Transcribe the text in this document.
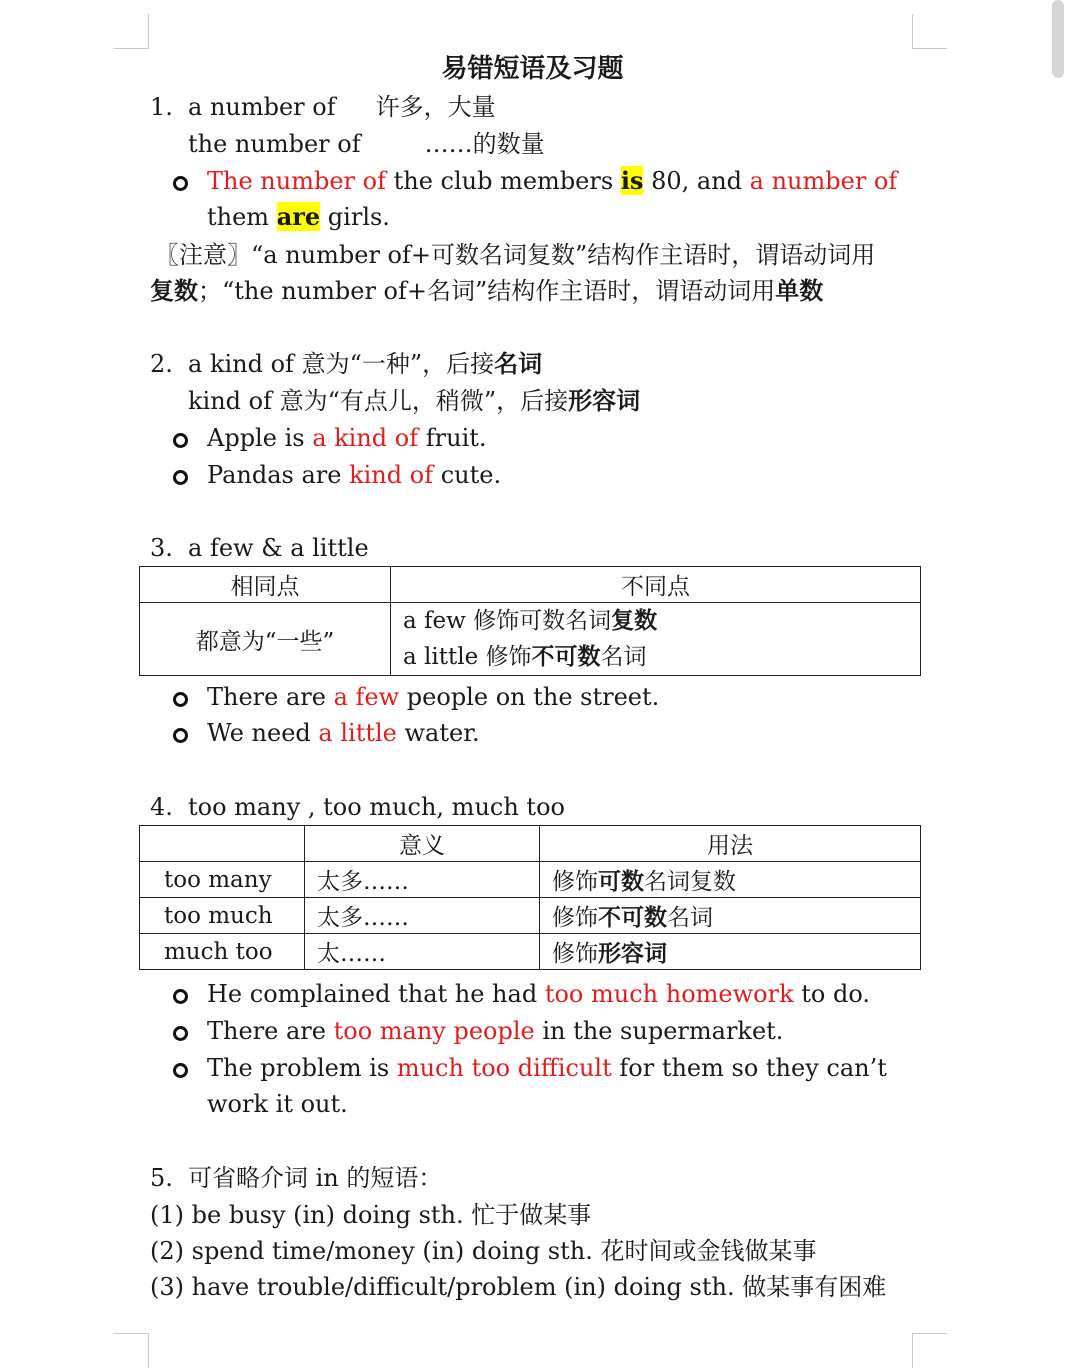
易错短语及习题
1. a number of 许多，大量
the number of	……的数量
The number of the club members is 80, and a number of
them are girls.
〖注意〗“a number of+可数名词复数”结构作主语时，谓语动词用
复数；“the number of+名词”结构作主语时，谓语动词用单数
2. a kind of 意为“一种”，后接名词
kind of 意为“有点儿，稍微”，后接形容词
Apple is a kind of fruit.
Pandas are kind of cute.
3. a few & a little
相同点	不同点
都意为“一些”	a few 修饰可数名词复数
a little 修饰不可数名词
There are a few people on the street.
We need a little water.
4. too many , too much, much too
	意义	用法
too many	太多……	修饰可数名词复数
too much	太多……	修饰不可数名词
much too	太……	修饰形容词
He complained that he had too much homework to do.
There are too many people in the supermarket.
The problem is much too difficult for them so they can’t
work it out.
5. 可省略介词 in 的短语：
(1) be busy (in) doing sth. 忙于做某事
(2) spend time/money (in) doing sth. 花时间或金钱做某事
(3) have trouble/difficult/problem (in) doing sth. 做某事有困难
